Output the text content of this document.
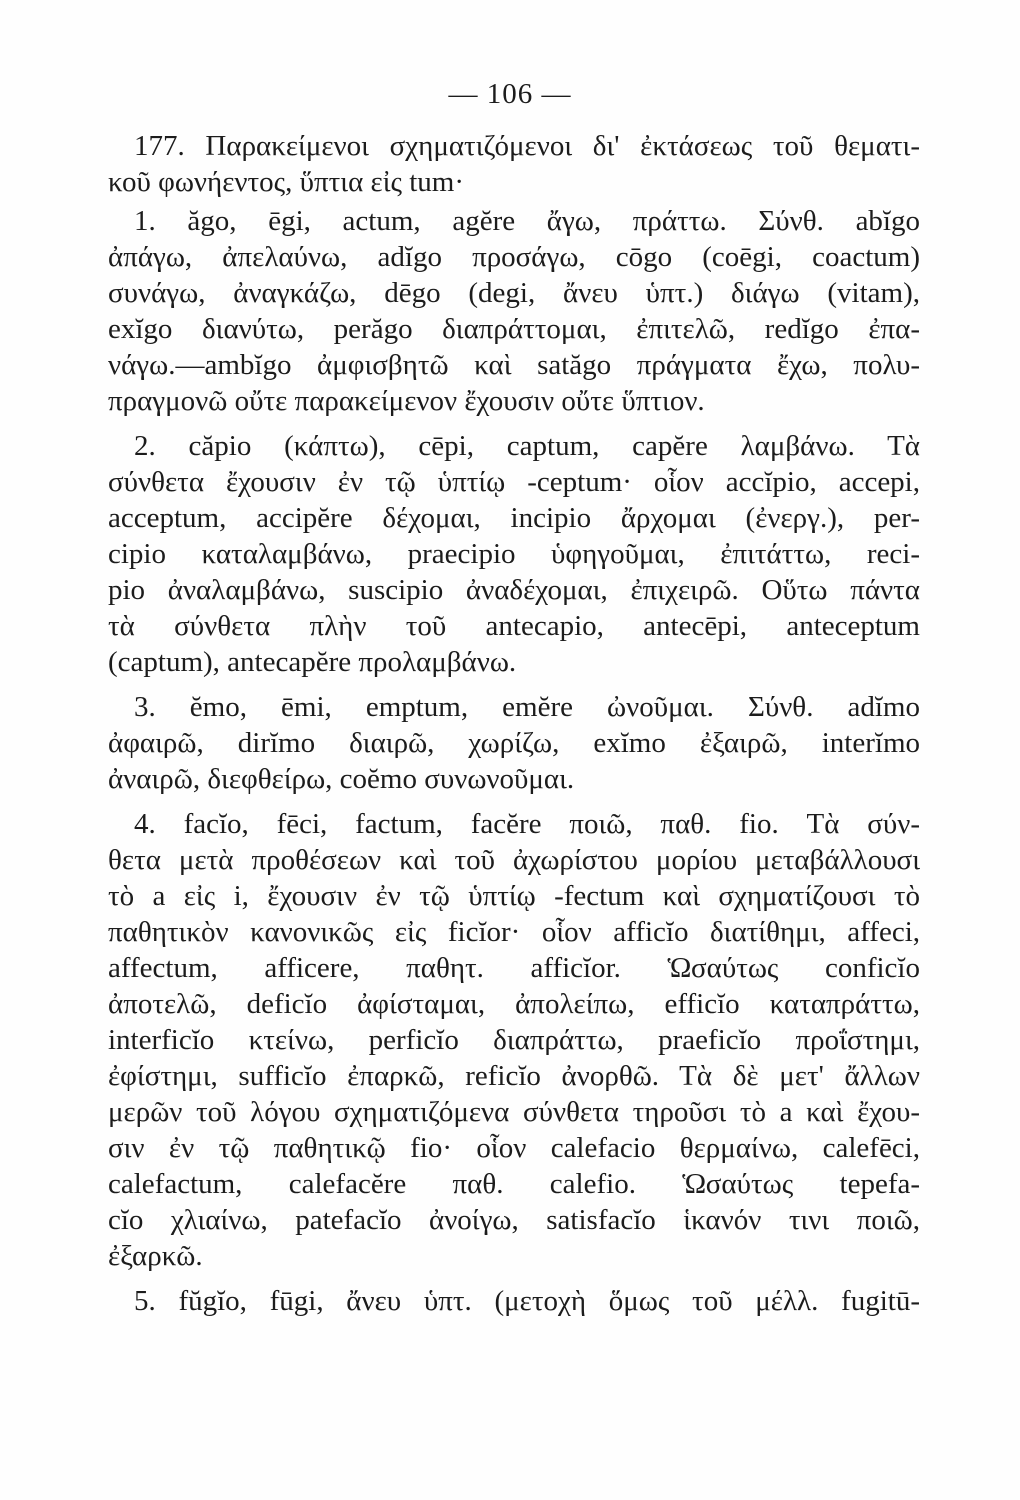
— 106 —
177. Παρακείμενοι σχηματιζόμενοι δι' ἐκτάσεως τοῦ θεματι-
κοῦ φωνήεντος, ὕπτια εἰς tum·
1. ăgo, ēgi, actum, agĕre ἄγω, πράττω. Σύνθ. abĭgo
ἀπάγω, ἀπελαύνω, adĭgo προσάγω, cōgo (coēgi, coactum)
συνάγω, ἀναγκάζω, dēgo (degi, ἄνευ ὑπτ.) διάγω (vitam),
exĭgo διανύτω, perăgo διαπράττομαι, ἐπιτελῶ, redĭgo ἐπα-
νάγω.—ambĭgo ἀμφισβητῶ καὶ satăgo πράγματα ἔχω, πολυ-
πραγμονῶ οὔτε παρακείμενον ἔχουσιν οὔτε ὕπτιον.
2. căpio (κάπτω), cēpi, captum, capĕre λαμβάνω. Τὰ
σύνθετα ἔχουσιν ἐν τῷ ὑπτίῳ -ceptum· οἷον accĭpio, accepi,
acceptum, accipĕre δέχομαι, incipio ἄρχομαι (ἐνεργ.), per-
cipio καταλαμβάνω, praecipio ὑφηγοῦμαι, ἐπιτάττω, reci-
pio ἀναλαμβάνω, suscipio ἀναδέχομαι, ἐπιχειρῶ. Οὕτω πάντα
τὰ σύνθετα πλὴν τοῦ antecapio, antecēpi, anteceptum
(captum), antecapĕre προλαμβάνω.
3. ĕmo, ēmi, emptum, emĕre ὠνοῦμαι. Σύνθ. adĭmo
ἀφαιρῶ, dirĭmo διαιρῶ, χωρίζω, exĭmo ἐξαιρῶ, interĭmo
ἀναιρῶ, διεφθείρω, coĕmo συνωνοῦμαι.
4. facĭo, fēci, factum, facĕre ποιῶ, παθ. fio. Τὰ σύν-
θετα μετὰ προθέσεων καὶ τοῦ ἀχωρίστου μορίου μεταβάλλουσι
τὸ a εἰς i, ἔχουσιν ἐν τῷ ὑπτίῳ -fectum καὶ σχηματίζουσι τὸ
παθητικὸν κανονικῶς εἰς ficĭor· οἷον afficĭo διατίθημι, affeci,
affectum, afficere, παθητ. afficĭor. Ὡσαύτως conficĭo
ἀποτελῶ, deficĭo ἀφίσταμαι, ἀπολείπω, efficĭo καταπράττω,
interficĭo κτείνω, perficĭo διαπράττω, praeficĭo προΐστημι,
ἐφίστημι, sufficĭo ἐπαρκῶ, reficĭo ἀνορθῶ. Τὰ δὲ μετ' ἄλλων
μερῶν τοῦ λόγου σχηματιζόμενα σύνθετα τηροῦσι τὸ a καὶ ἔχου-
σιν ἐν τῷ παθητικῷ fio· οἷον calefacio θερμαίνω, calefēci,
calefactum, calefacĕre παθ. calefio. Ὡσαύτως tepefa-
cĭo χλιαίνω, patefacĭo ἀνοίγω, satisfacĭo ἱκανόν τινι ποιῶ,
ἐξαρκῶ.
5. fŭgĭo, fūgi, ἄνευ ὑπτ. (μετοχὴ ὅμως τοῦ μέλλ. fugitū-
